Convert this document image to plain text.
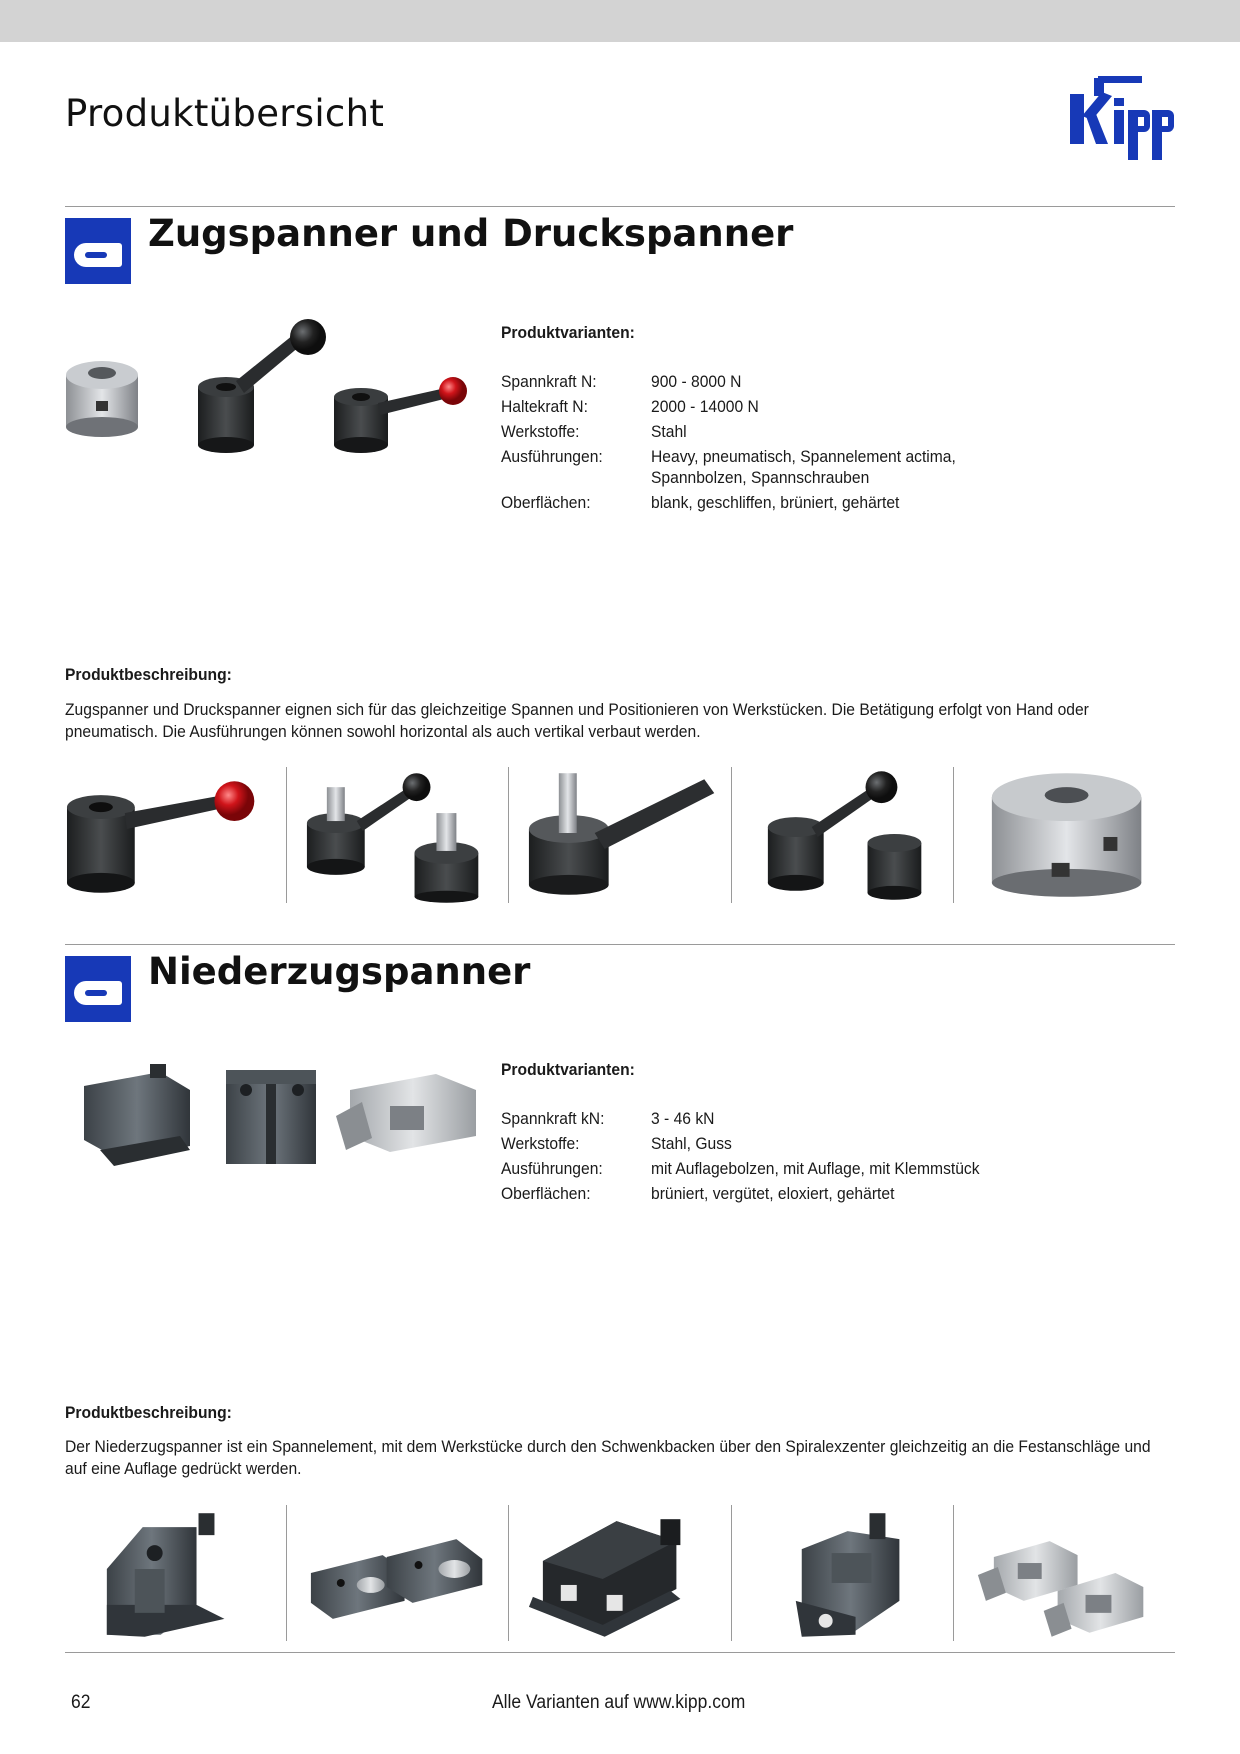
Produktübersicht
Zugspanner und Druckspanner
Produktvarianten:
Spannkraft N:	900 - 8000 N
Haltekraft N:	2000 - 14000 N
Werkstoffe:	Stahl
Ausführungen:	Heavy, pneumatisch, Spannelement actima, Spannbolzen, Spannschrauben
Oberflächen:	blank, geschliffen, brüniert, gehärtet
Produktbeschreibung:
Zugspanner und Druckspanner eignen sich für das gleichzeitige Spannen und Positionieren von Werkstücken. Die Betätigung erfolgt von Hand oder pneumatisch. Die Ausführungen können sowohl horizontal als auch vertikal verbaut werden.
Niederzugspanner
Produktvarianten:
Spannkraft kN:	3 - 46 kN
Werkstoffe:	Stahl, Guss
Ausführungen:	mit Auflagebolzen, mit Auflage, mit Klemmstück
Oberflächen:	brüniert, vergütet, eloxiert, gehärtet
Produktbeschreibung:
Der Niederzugspanner ist ein Spannelement, mit dem Werkstücke durch den Schwenkbacken über den Spiralexzenter gleichzeitig an die Festanschläge und auf eine Auflage gedrückt werden.
62	Alle Varianten auf www.kipp.com
